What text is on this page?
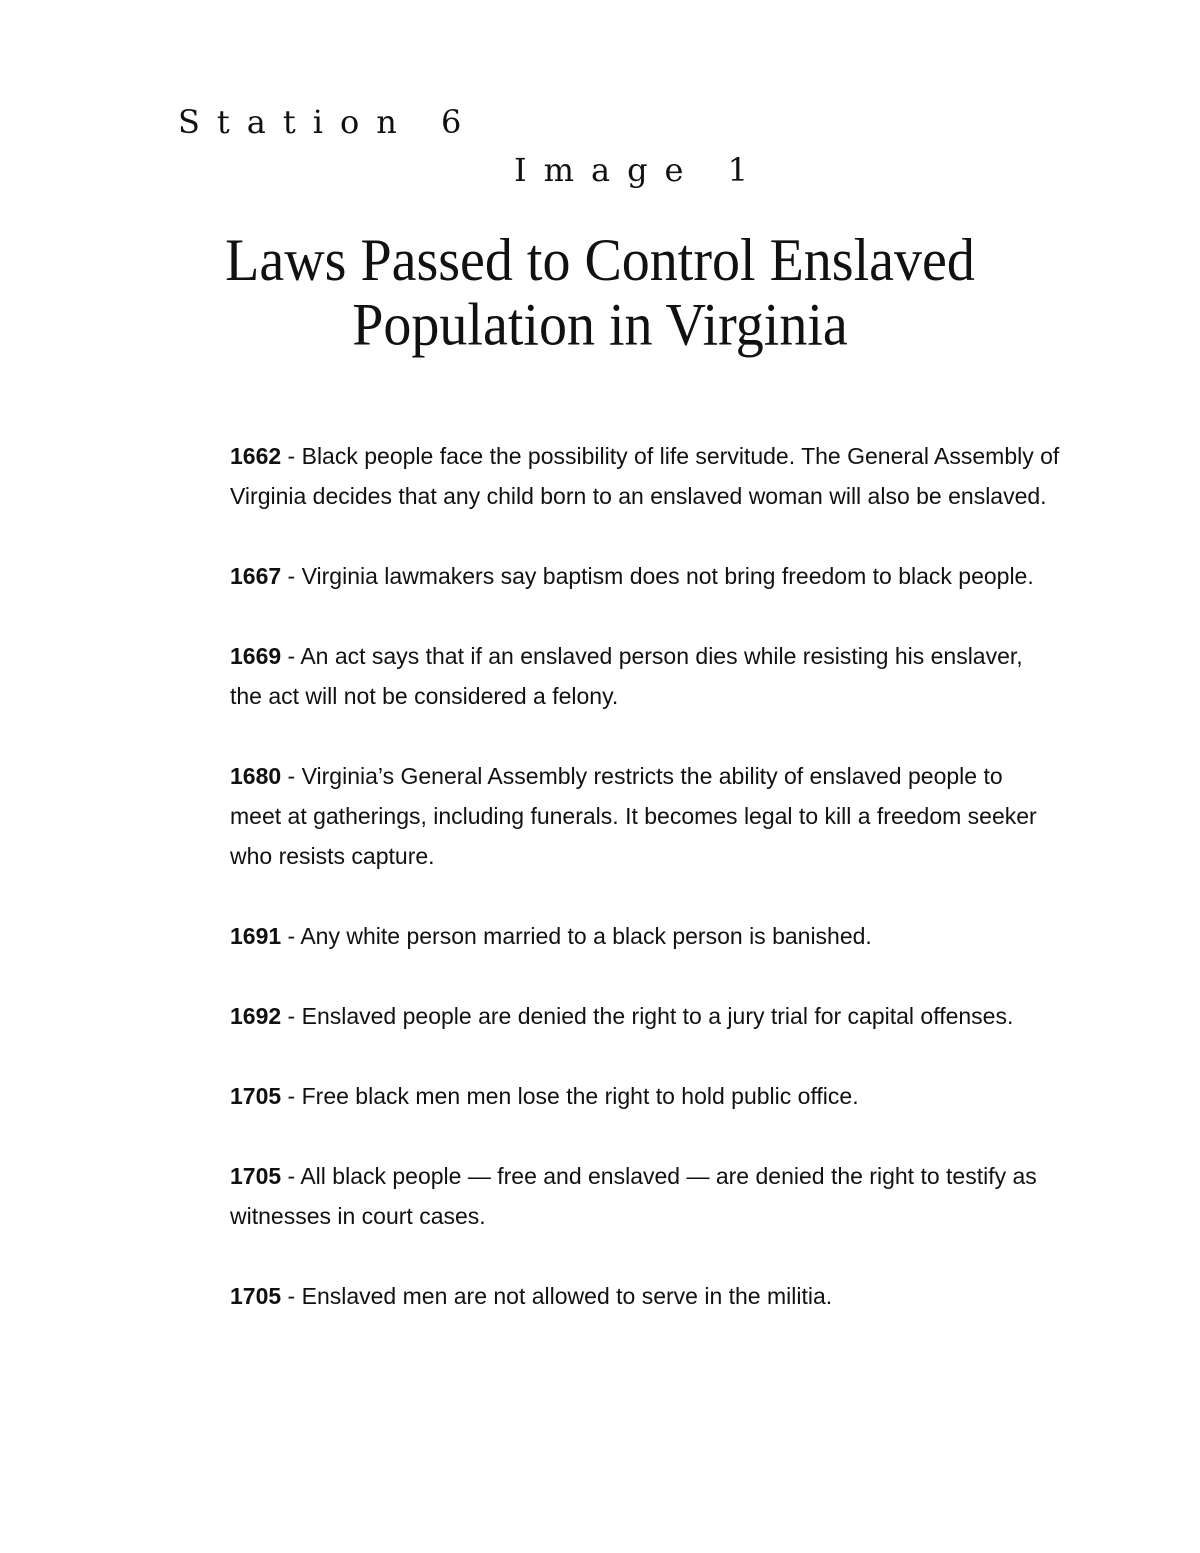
Station 6
Image 1
Laws Passed to Control Enslaved
Population in Virginia
1662 - Black people face the possibility of life servitude. The General Assembly of Virginia decides that any child born to an enslaved woman will also be enslaved.
1667 - Virginia lawmakers say baptism does not bring freedom to black people.
1669 - An act says that if an enslaved person dies while resisting his enslaver, the act will not be considered a felony.
1680 - Virginia’s General Assembly restricts the ability of enslaved people to meet at gatherings, including funerals. It becomes legal to kill a freedom seeker who resists capture.
1691 - Any white person married to a black person is banished.
1692 - Enslaved people are denied the right to a jury trial for capital offenses.
1705 - Free black men men lose the right to hold public office.
1705 - All black people — free and enslaved — are denied the right to testify as witnesses in court cases.
1705 - Enslaved men are not allowed to serve in the militia.
